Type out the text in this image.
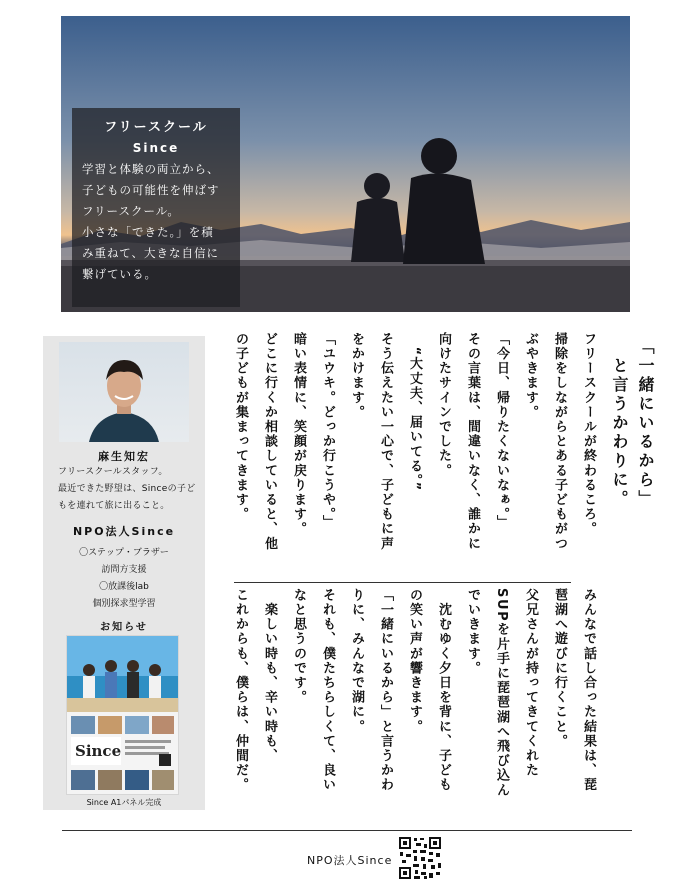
フリースクール
Since
学習と体験の両立から、
子どもの可能性を伸ばす
フリースクール。
小さな「できた。」を積
み重ねて、大きな自信に
繋げている。
麻生知宏
フリースクールスタッフ。
最近できた野望は、Sinceの子ど
もを連れて旅に出ること。
NPO法人Since
〇ステップ・ブラザー
訪問方支援
〇放課後lab
個別探求型学習
お知らせ
Since
Since A1パネル完成
「一緒にいるから」
　と言うかわりに。
フリースクールが終わるころ。
掃除をしながらとある子どもがつ
ぶやきます。
「今日、帰りたくないなぁ。」
その言葉は、間違いなく、誰かに
向けたサインでした。
　“大丈夫、届いてる。”
そう伝えたい一心で、子どもに声
をかけます。
「ユウキ。どっか行こうや。」
暗い表情に、笑顔が戻ります。
どこに行くか相談していると、他
の子どもが集まってきます。
みんなで話し合った結果は、琵
琶湖へ遊びに行くこと。
父兄さんが持ってきてくれた
SUPを片手に琵琶湖へ飛び込ん
でいきます。
　沈むゆく夕日を背に、子ども
の笑い声が響きます。
「一緒にいるから」と言うかわ
りに、みんなで湖に。
それも、僕たちらしくて、良い
なと思うのです。
　楽しい時も、辛い時も、
これからも、僕らは、仲間だ。
NPO法人Since
